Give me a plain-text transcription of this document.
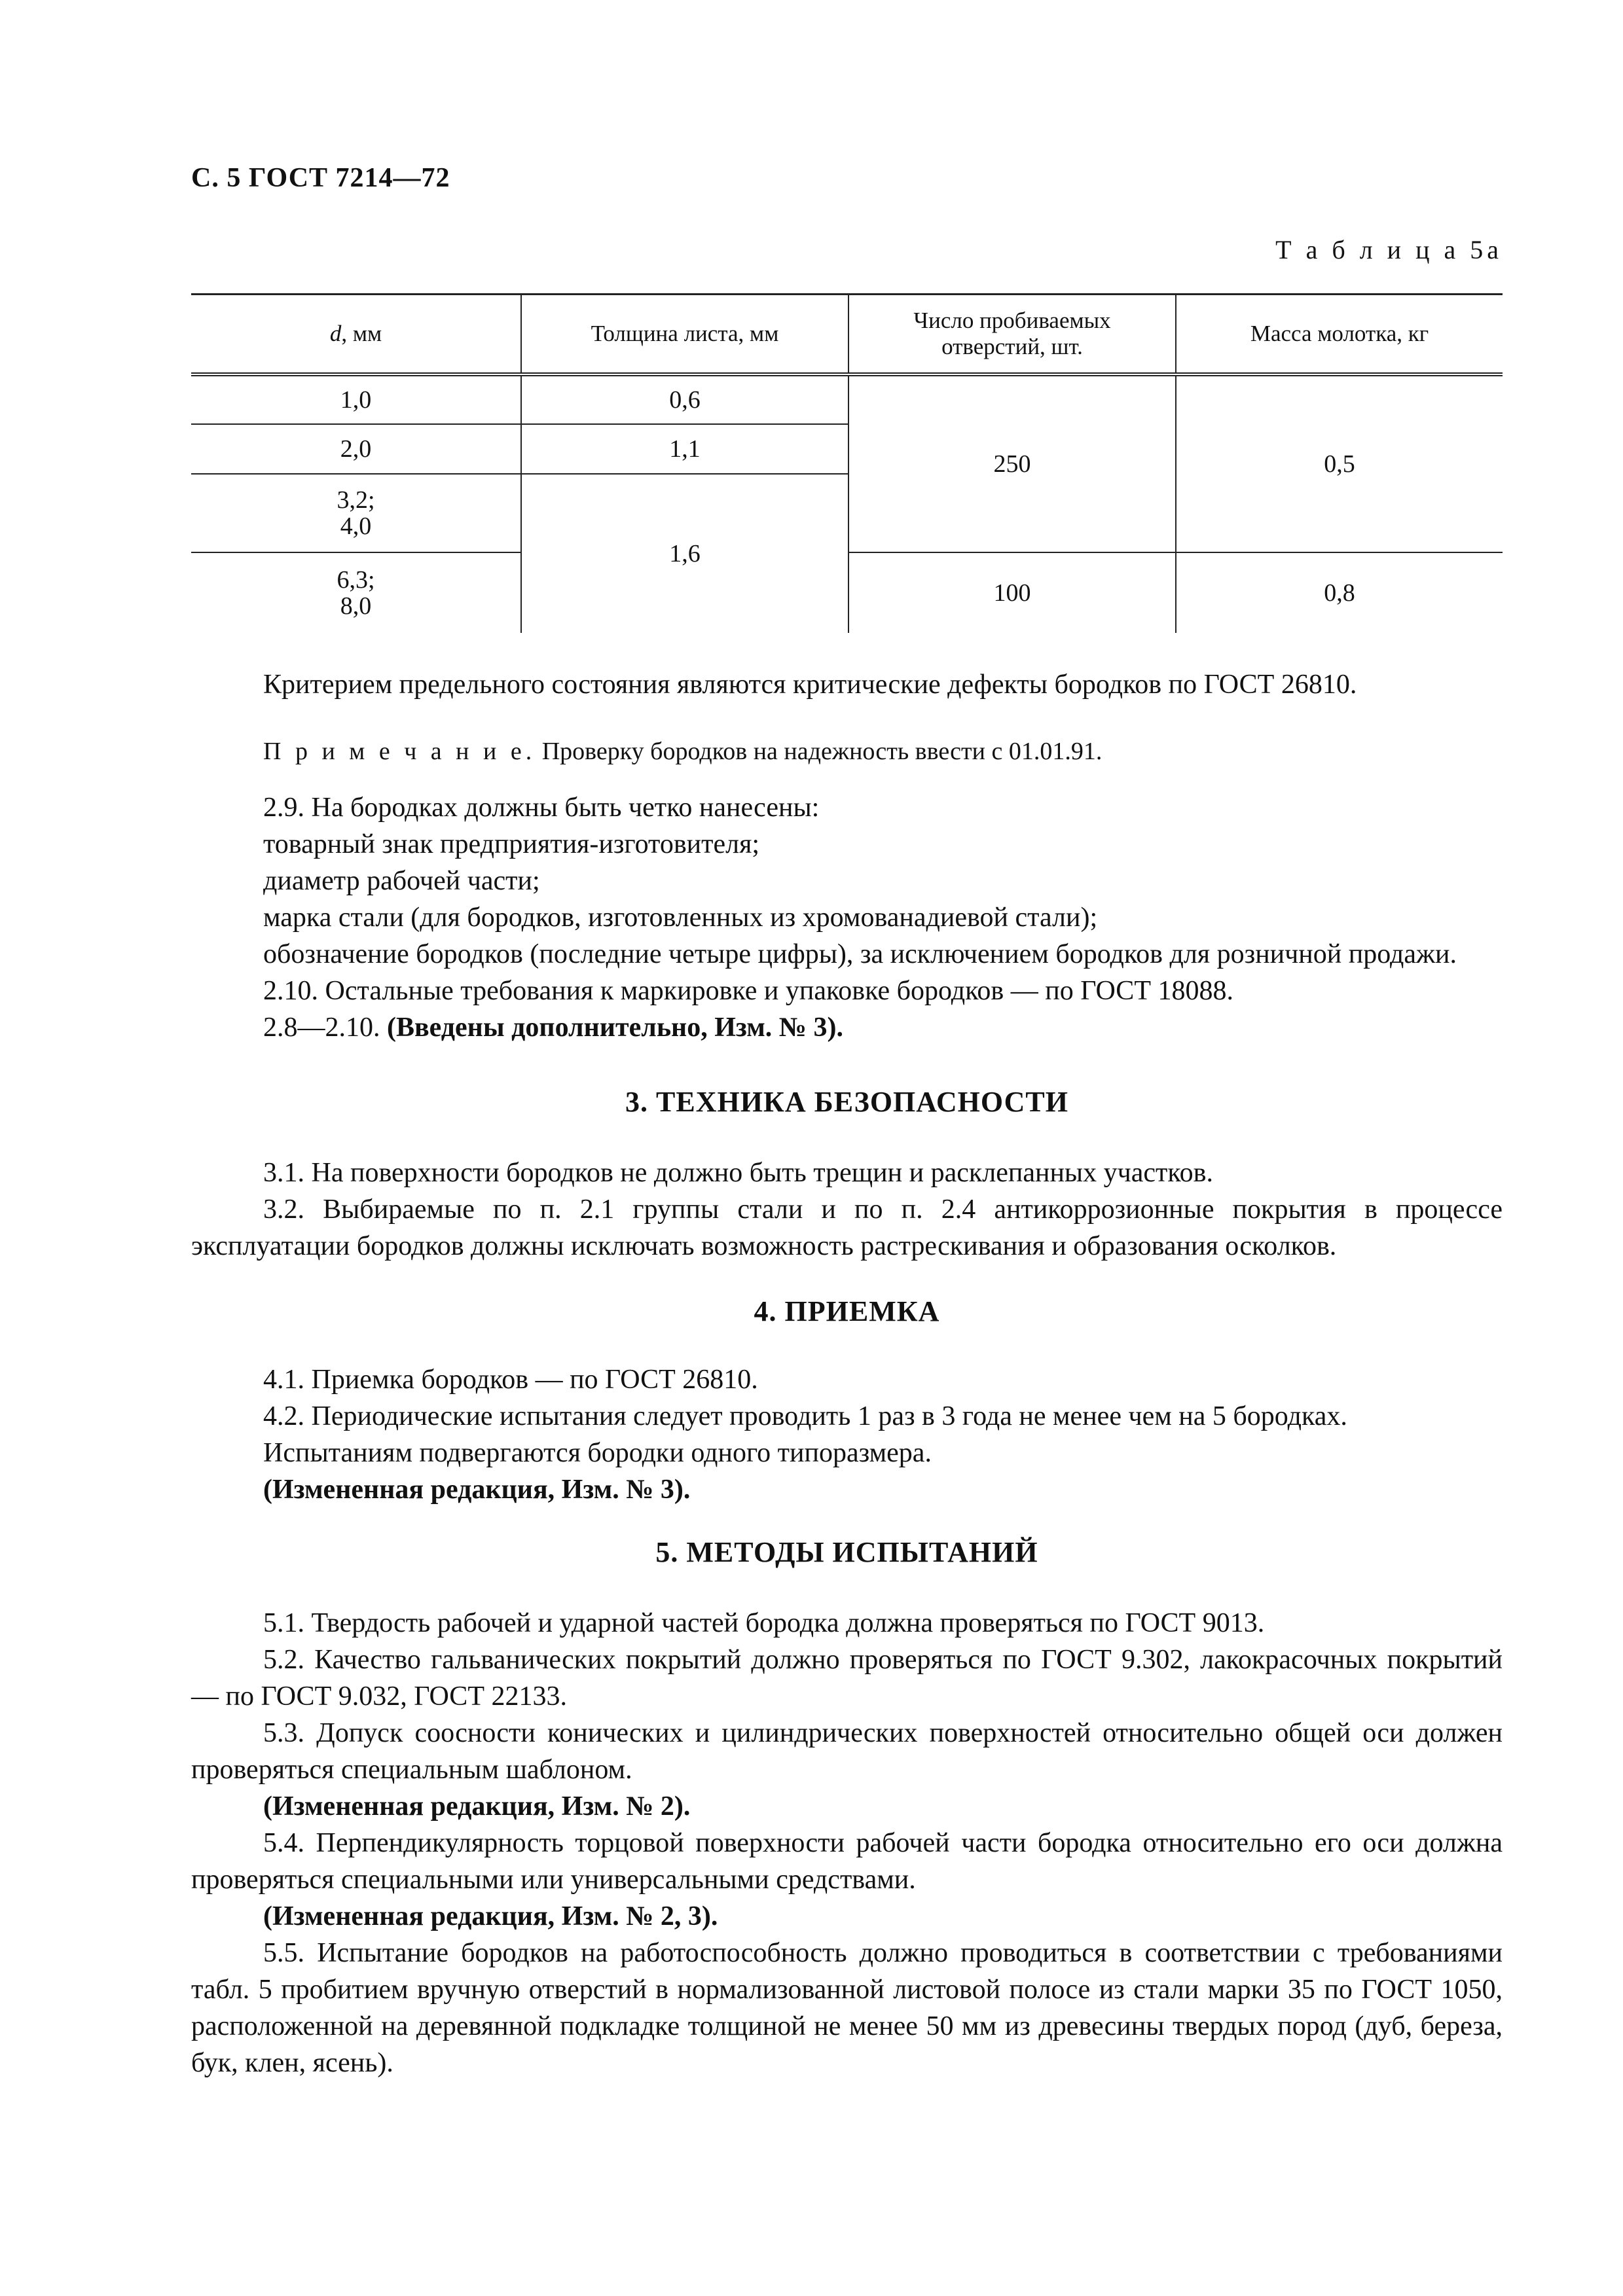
С. 5 ГОСТ 7214—72
Т а б л и ц а 5а
d, мм	Толщина листа, мм	Число пробиваемых отверстий, шт.	Масса молотка, кг
1,0	0,6	250	0,5
2,0	1,1		

3,2;
4,0	1,6		

6,3;
8,0		100	0,8

Критерием предельного состояния являются критические дефекты бородков по ГОСТ 26810.

П р и м е ч а н и е. Проверку бородков на надежность ввести с 01.01.91.

2.9. На бородках должны быть четко нанесены:

товарный знак предприятия-изготовителя;

диаметр рабочей части;

марка стали (для бородков, изготовленных из хромованадиевой стали);

обозначение бородков (последние четыре цифры), за исключением бородков для розничной продажи.

2.10. Остальные требования к маркировке и упаковке бородков — по ГОСТ 18088.

2.8—2.10. (Введены дополнительно, Изм. № 3).

3. ТЕХНИКА БЕЗОПАСНОСТИ

3.1. На поверхности бородков не должно быть трещин и расклепанных участков.

3.2. Выбираемые по п. 2.1 группы стали и по п. 2.4 антикоррозионные покрытия в процессе эксплуатации бородков должны исключать возможность растрескивания и образования осколков.

4. ПРИЕМКА

4.1. Приемка бородков — по ГОСТ 26810.

4.2. Периодические испытания следует проводить 1 раз в 3 года не менее чем на 5 бородках.

Испытаниям подвергаются бородки одного типоразмера.

(Измененная редакция, Изм. № 3).

5. МЕТОДЫ ИСПЫТАНИЙ

5.1. Твердость рабочей и ударной частей бородка должна проверяться по ГОСТ 9013.

5.2. Качество гальванических покрытий должно проверяться по ГОСТ 9.302, лакокрасочных покрытий — по ГОСТ 9.032, ГОСТ 22133.

5.3. Допуск соосности конических и цилиндрических поверхностей относительно общей оси должен проверяться специальным шаблоном.

(Измененная редакция, Изм. № 2).

5.4. Перпендикулярность торцовой поверхности рабочей части бородка относительно его оси должна проверяться специальными или универсальными средствами.

(Измененная редакция, Изм. № 2, 3).

5.5. Испытание бородков на работоспособность должно проводиться в соответствии с требованиями табл. 5 пробитием вручную отверстий в нормализованной листовой полосе из стали марки 35 по ГОСТ 1050, расположенной на деревянной подкладке толщиной не менее 50 мм из древесины твердых пород (дуб, береза, бук, клен, ясень).
